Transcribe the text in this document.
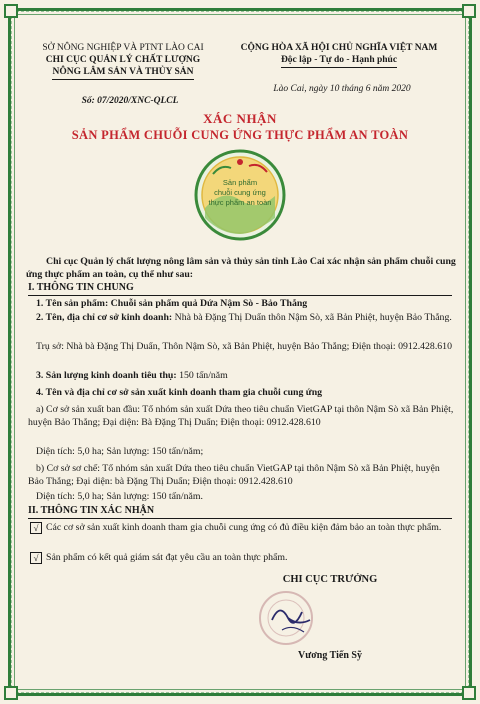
SỞ NÔNG NGHIỆP VÀ PTNT LÀO CAI
CHI CỤC QUẢN LÝ CHẤT LƯỢNG
NÔNG LÂM SẢN VÀ THỦY SẢN
CỘNG HÒA XÃ HỘI CHỦ NGHĨA VIỆT NAM
Độc lập - Tự do - Hạnh phúc
Số: 07/2020/XNC-QLCL
Lào Cai, ngày 10 tháng 6 năm 2020
XÁC NHẬN
SẢN PHẨM CHUỖI CUNG ỨNG THỰC PHẨM AN TOÀN
Sản phẩm
chuỗi cung ứng
thực phẩm an toàn
Chi cục Quản lý chất lượng nông lâm sản và thủy sản tỉnh Lào Cai xác nhận sản phẩm chuỗi cung ứng thực phẩm an toàn, cụ thể như sau:
I. THÔNG TIN CHUNG
1. Tên sản phẩm: Chuỗi sản phẩm quả Dứa Nậm Sò - Bảo Thắng
2. Tên, địa chỉ cơ sở kinh doanh: Nhà bà Đặng Thị Duẩn thôn Nậm Sò, xã Bản Phiệt, huyện Bảo Thắng.
Trụ sở: Nhà bà Đặng Thị Duẩn, Thôn Nậm Sò, xã Bản Phiệt, huyện Bảo Thắng; Điện thoại: 0912.428.610
3. Sản lượng kinh doanh tiêu thụ: 150 tấn/năm
4. Tên và địa chỉ cơ sở sản xuất kinh doanh tham gia chuỗi cung ứng
a) Cơ sở sản xuất ban đầu: Tổ nhóm sản xuất Dứa theo tiêu chuẩn VietGAP tại thôn Nậm Sò xã Bản Phiệt, huyện Bảo Thắng; Đại diện: Bà Đặng Thị Duẩn; Điện thoại: 0912.428.610
Diện tích: 5,0 ha; Sản lượng: 150 tấn/năm;
b) Cơ sở sơ chế: Tổ nhóm sản xuất Dứa theo tiêu chuẩn VietGAP tại thôn Nậm Sò xã Bản Phiệt, huyện Bảo Thắng; Đại diện: bà Đặng Thị Duẩn; Điện thoại: 0912.428.610
Diện tích: 5,0 ha; Sản lượng: 150 tấn/năm.
II. THÔNG TIN XÁC NHẬN
√ Các cơ sở sản xuất kinh doanh tham gia chuỗi cung ứng có đủ điều kiện đảm bảo an toàn thực phẩm.
√ Sản phẩm có kết quả giám sát đạt yêu cầu an toàn thực phẩm.
CHI CỤC TRƯỞNG
Vương Tiến Sỹ
